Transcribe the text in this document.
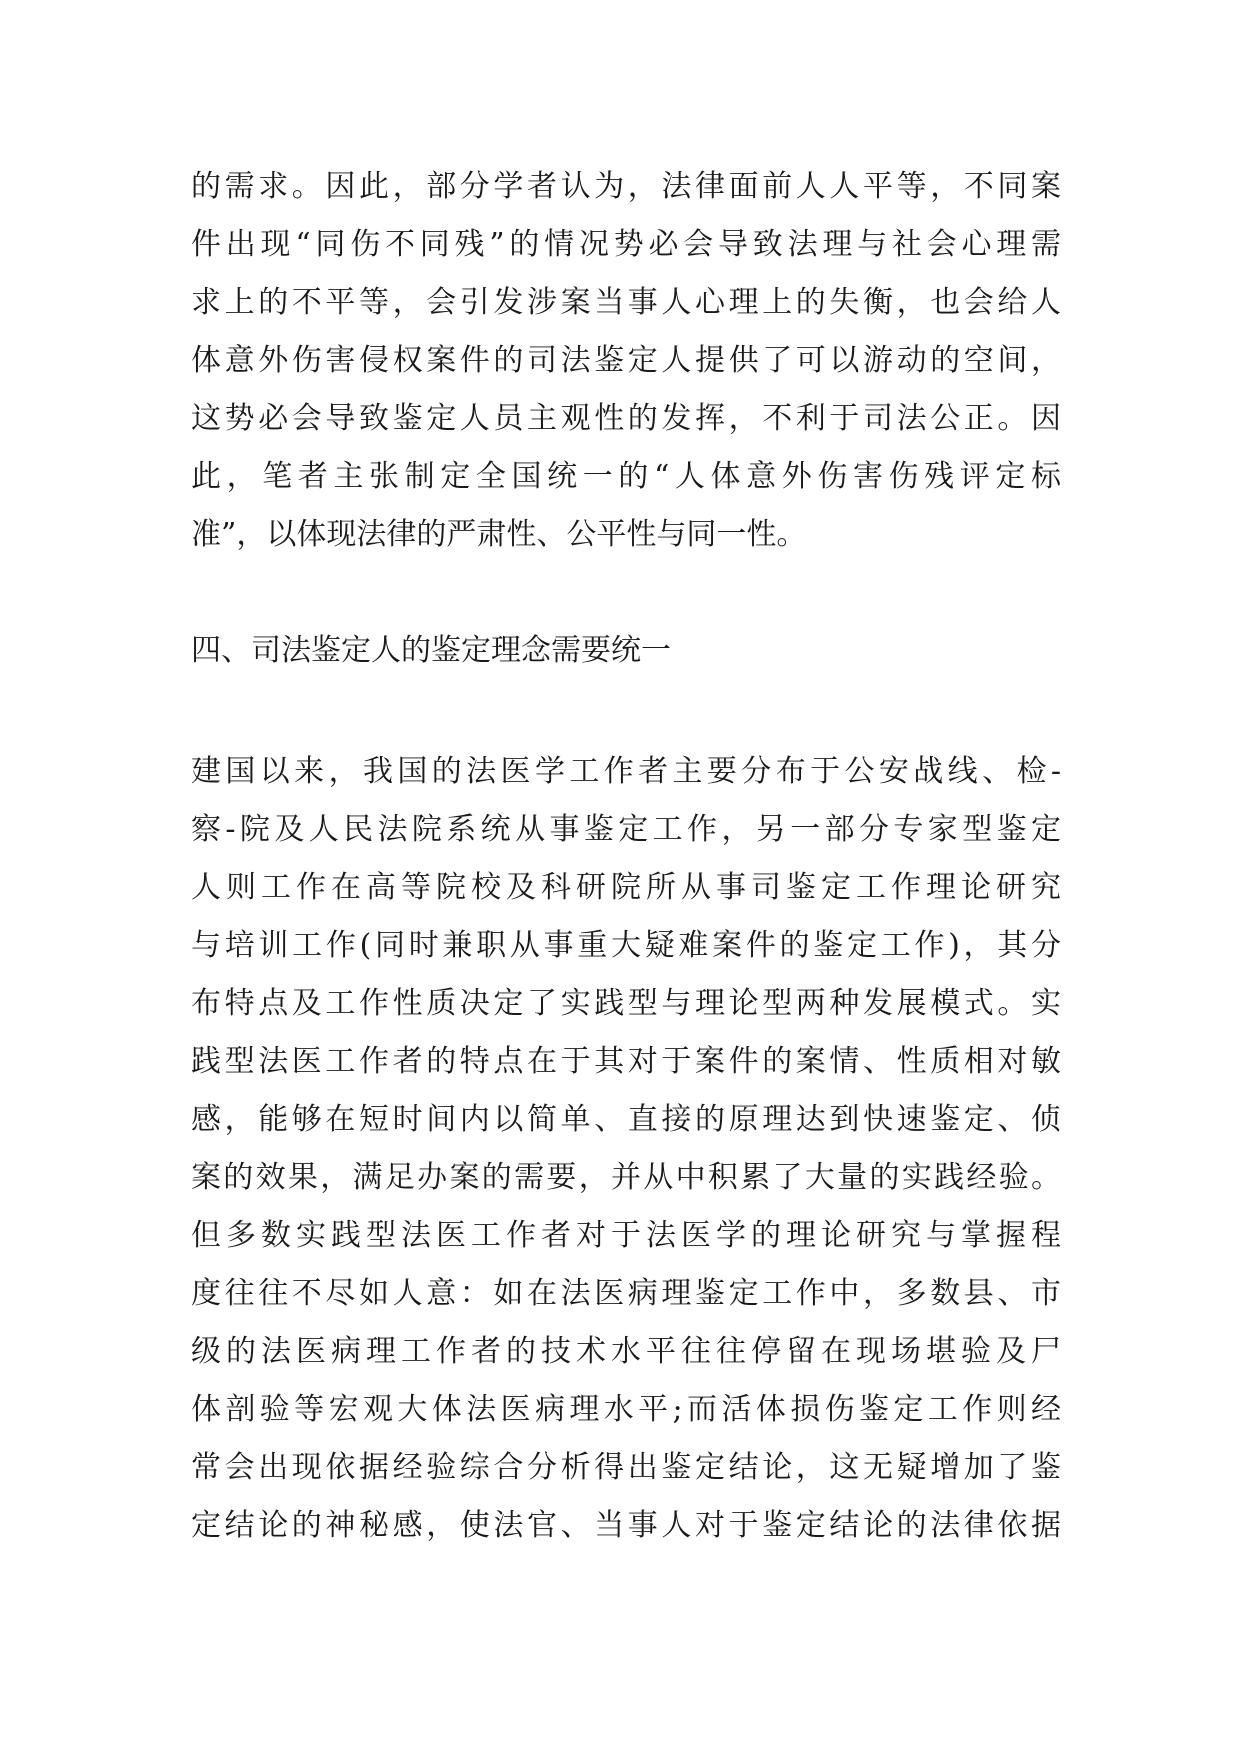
的需求。因此，部分学者认为，法律面前人人平等，不同案
件出现“同伤不同残”的情况势必会导致法理与社会心理需
求上的不平等，会引发涉案当事人心理上的失衡，也会给人
体意外伤害侵权案件的司法鉴定人提供了可以游动的空间，
这势必会导致鉴定人员主观性的发挥，不利于司法公正。因
此，笔者主张制定全国统一的“人体意外伤害伤残评定标
准”，以体现法律的严肃性、公平性与同一性。
四、司法鉴定人的鉴定理念需要统一
建国以来，我国的法医学工作者主要分布于公安战线、检-
察-院及人民法院系统从事鉴定工作，另一部分专家型鉴定
人则工作在高等院校及科研院所从事司鉴定工作理论研究
与培训工作(同时兼职从事重大疑难案件的鉴定工作)，其分
布特点及工作性质决定了实践型与理论型两种发展模式。实
践型法医工作者的特点在于其对于案件的案情、性质相对敏
感，能够在短时间内以简单、直接的原理达到快速鉴定、侦
案的效果，满足办案的需要，并从中积累了大量的实践经验。
但多数实践型法医工作者对于法医学的理论研究与掌握程
度往往不尽如人意：如在法医病理鉴定工作中，多数县、市
级的法医病理工作者的技术水平往往停留在现场堪验及尸
体剖验等宏观大体法医病理水平;而活体损伤鉴定工作则经
常会出现依据经验综合分析得出鉴定结论，这无疑增加了鉴
定结论的神秘感，使法官、当事人对于鉴定结论的法律依据
